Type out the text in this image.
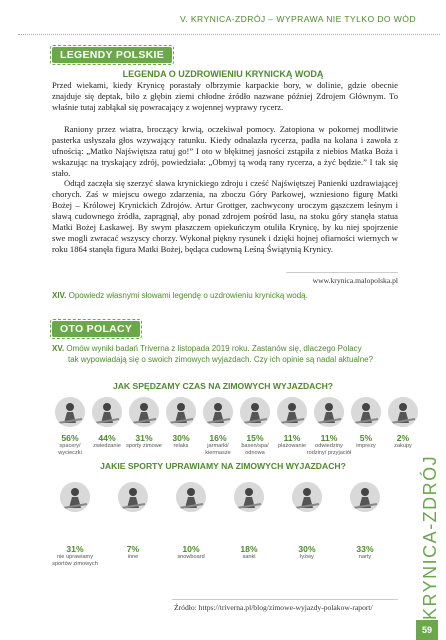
V. KRYNICA-ZDRÓJ – WYPRAWA NIE TYLKO DO WÓD
LEGENDY POLSKIE
LEGENDA O UZDROWIENIU KRYNICKĄ WODĄ
Przed wiekami, kiedy Krynicę porastały olbrzymie karpackie bory, w dolinie, gdzie obecnie znajduje się deptak, biło z głębin ziemi chłodne źródło nazwane później Zdrojem Głównym. To właśnie tutaj zabłąkał się powracający z wojennej wyprawy rycerz.
Raniony przez wiatra, broczący krwią, oczekiwał pomocy. Zatopiona w pokornej modlitwie pasterka usłyszała głos wzywający ratunku. Kiedy odnalazła rycerza, padła na kolana i zawoła z ufnością: „Matko Najświętsza ratuj go!” I oto w błękitnej jasności zstąpiła z niebios Matka Boża i wskazując na tryskający zdrój, powiedziała: „Obmyj tą wodą rany rycerza, a żyć będzie.” I tak się stało.
Odtąd zaczęła się szerzyć sława krynickiego zdroju i cześć Najświętszej Panienki uzdrawiającej chorych. Zaś w miejscu owego zdarzenia, na zboczu Góry Parkowej, wzniesiono figurę Matki Bożej – Królowej Krynickich Zdrojów. Artur Grottger, zachwycony uroczym gąszczem leśnym i sławą cudownego źródła, zaprągnął, aby ponad zdrojem pośród lasu, na stoku góry stanęła statua Matki Bożej Łaskawej. By swym płaszczem opiekuńczym otuliła Krynicę, by ku niej spojrzenie swe mogli zwracać wszyscy chorzy. Wykonał piękny rysunek i dzięki hojnej ofiarności wiernych w roku 1864 stanęła figura Matki Bożej, będąca cudowną Leśną Świątynią Krynicy.
www.krynica.malopolska.pl
XIV. Opowiedz własnymi słowami legendę o uzdrowieniu krynicką wodą.
OTO POLACY
XV. Omów wyniki badań Triverna z listopada 2019 roku. Zastanów się, dlaczego Polacy
tak wypowiadają się o swoich zimowych wyjazdach. Czy ich opinie są nadal aktualne?
JAK SPĘDZAMY CZAS NA ZIMOWYCH WYJAZDACH?
56%
spacery/ wycieczki
44%
zwiedzanie
31%
sporty zimowe
30%
relaks
16%
jarmarki/ kiermasze
15%
basen/spa/ odnowa
11%
plażowanie
11%
odwiedziny rodziny/ przyjaciół
5%
imprezy
2%
zakupy
JAKIE SPORTY UPRAWIAMY NA ZIMOWYCH WYJAZDACH?
31%
nie uprawiamy sportów zimowych
7%
inne
10%
snowboard
18%
sanki
30%
łyżwy
33%
narty	KRYNICA-ZDRÓJ
Źródło: https://triverna.pl/blog/zimowe-wyjazdy-polakow-raport/
59
